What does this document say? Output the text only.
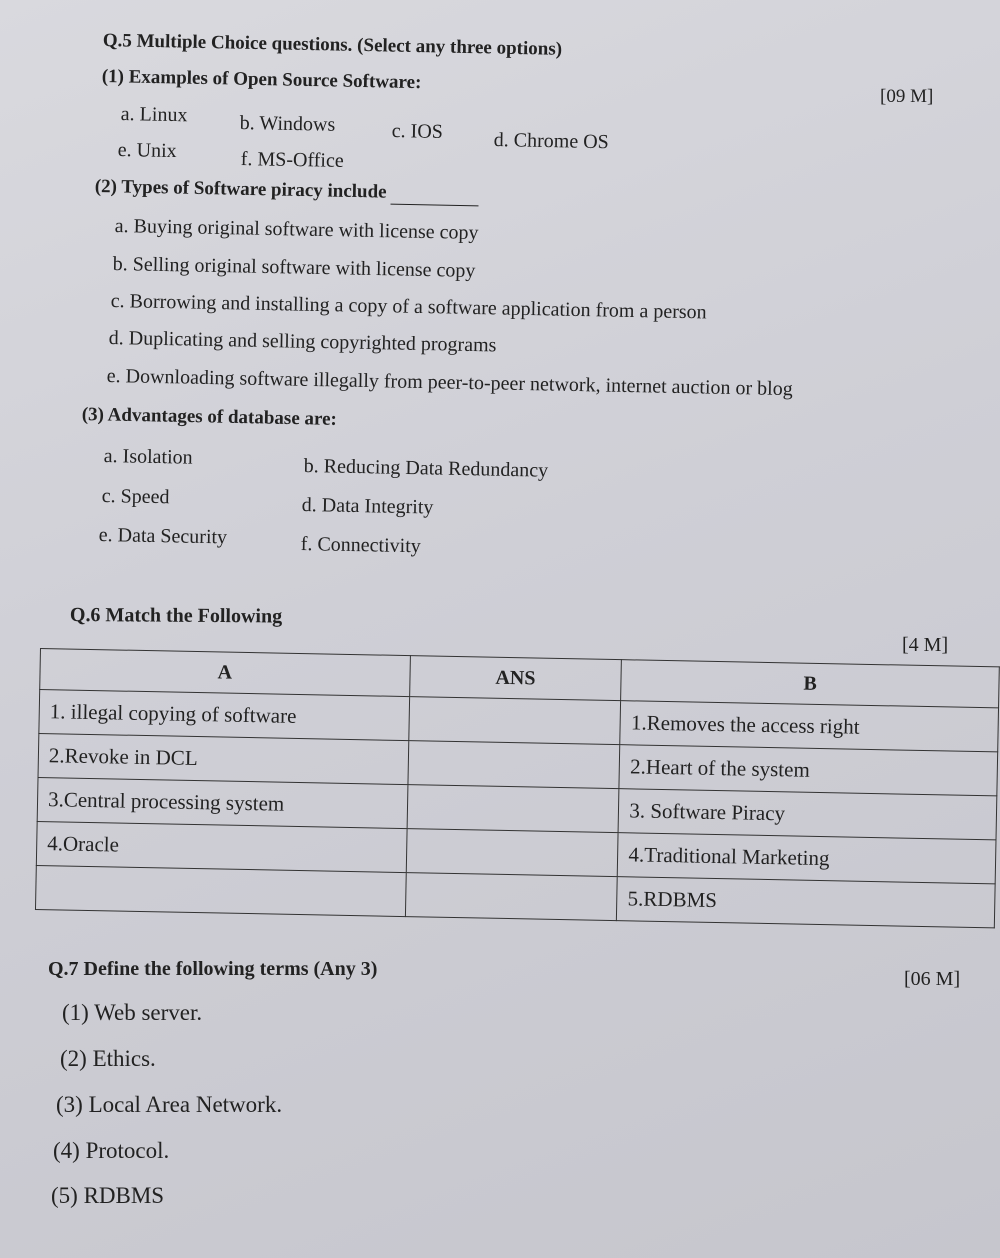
Q.5 Multiple Choice questions. (Select any three options)
[09 M]
(1) Examples of Open Source Software:
a. Linux	b. Windows	c. IOS	d. Chrome OS
e. Unix	f. MS-Office
(2) Types of Software piracy include
a. Buying original software with license copy
b. Selling original software with license copy
c. Borrowing and installing a copy of a software application from a person
d. Duplicating and selling copyrighted programs
e. Downloading software illegally from peer-to-peer network, internet auction or blog
(3) Advantages of database are:
a. Isolation	b. Reducing Data Redundancy
c. Speed	d. Data Integrity
e. Data Security	f. Connectivity
Q.6 Match the Following
[4 M]
A	ANS	B
1. illegal copying of software		1.Removes the access right
2.Revoke in DCL		2.Heart of the system
3.Central processing system		3. Software Piracy
4.Oracle		4.Traditional Marketing
		5.RDBMS
Q.7 Define the following terms (Any 3)	[06 M]
(1) Web server.
(2) Ethics.
(3) Local Area Network.
(4) Protocol.
(5) RDBMS
